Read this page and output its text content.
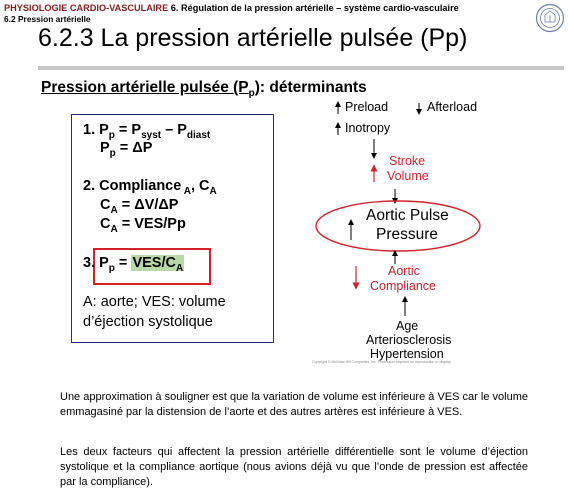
PHYSIOLOGIE CARDIO-VASCULAIRE 6. Régulation de la pression artérielle – système cardio-vasculaire
6.2 Pression artérielle
6.2.3 La pression artérielle pulsée (Pp)
Pression artérielle pulsée $(P_p)$: déterminants
1. $P_p = P_{syst} - P_{diast}$
$P_p = \Delta P$
2. Compliance $_A$, $C_A$
$C_A = \Delta V/\Delta P$
$C_A = VES/Pp$
3. $P_p = VES/C_A$
A: aorte; VES: volume
d’éjection systolique
Preload	Afterload
Inotropy
Stroke
Volume
Aortic Pulse
Pressure
Aortic
Compliance
Age
Arteriosclerosis
Hypertension
Copyright © McGraw-Hill Companies, Inc. Permission required for reproduction or display.

Une approximation à souligner est que la variation de volume est inférieure à VES car le volume emmagasiné par la distension de l’aorte et des autres artères est inférieure à VES.

Les deux facteurs qui affectent la pression artérielle différentielle sont le volume d’éjection systolique et la compliance aortique (nous avions déjà vu que l’onde de pression est affectée par la compliance).
